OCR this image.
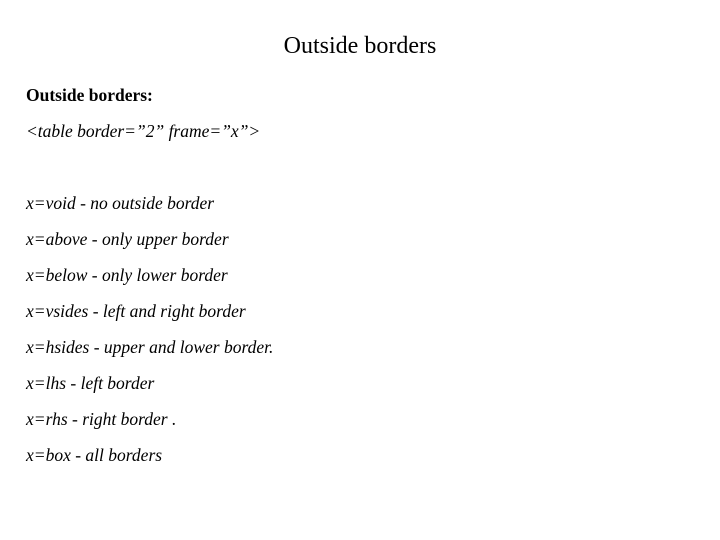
Outside borders

Outside borders:

<table border=”2” frame=”x”>

x=void - no outside border
x=above - only upper border
x=below - only lower border
x=vsides - left and right border
x=hsides - upper and lower border.
x=lhs - left border
x=rhs - right border .
x=box - all borders
